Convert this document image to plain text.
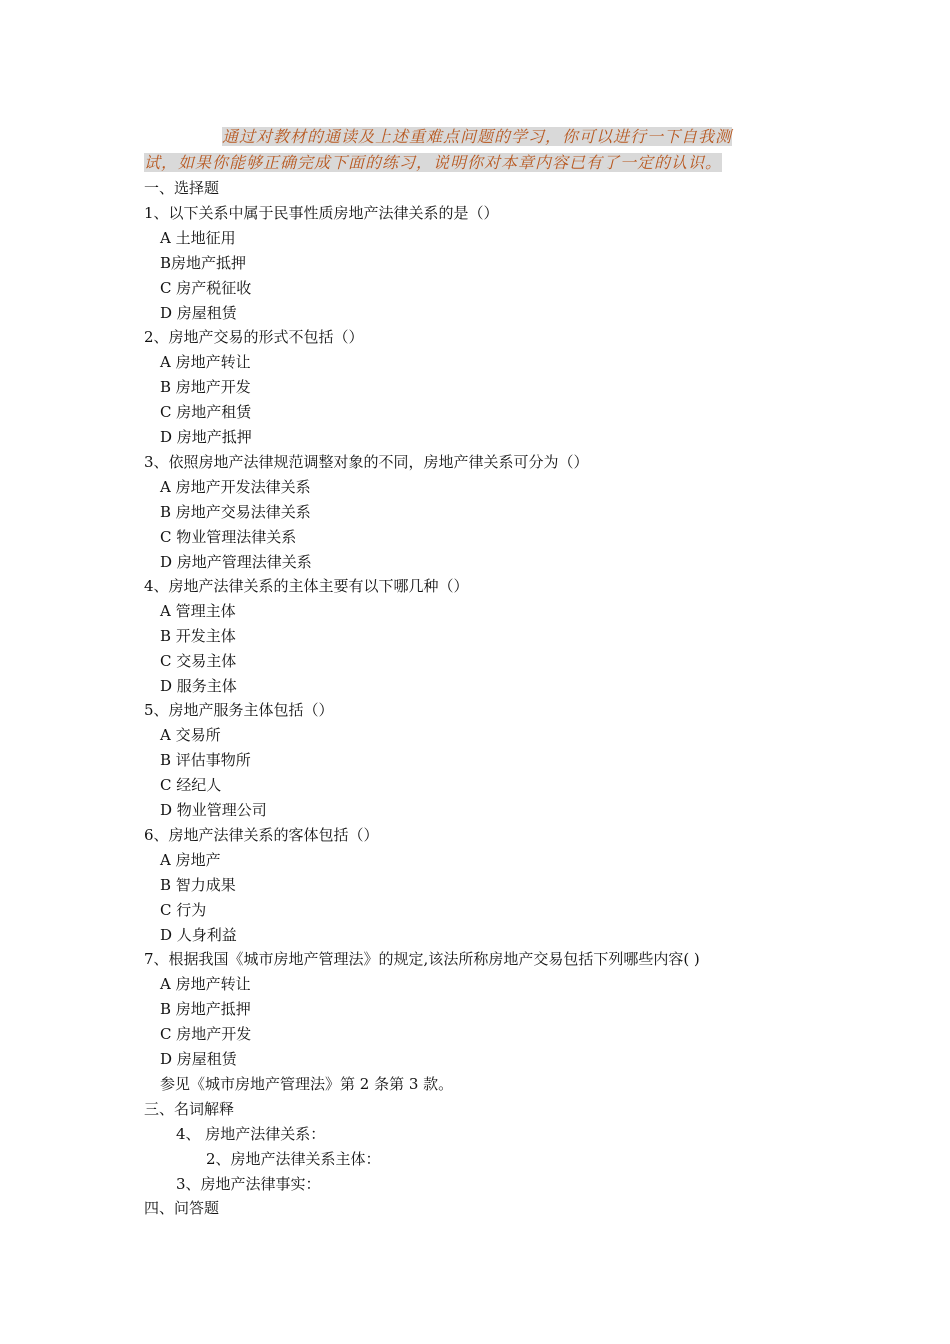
通过对教材的通读及上述重难点问题的学习，你可以进行一下自我测
试，如果你能够正确完成下面的练习，说明你对本章内容已有了一定的认识。
一、选择题
1、以下关系中属于民事性质房地产法律关系的是（）
A 土地征用
B房地产抵押
C 房产税征收
D 房屋租赁
2、房地产交易的形式不包括（）
A 房地产转让
B 房地产开发
C 房地产租赁
D 房地产抵押
3、依照房地产法律规范调整对象的不同，房地产律关系可分为（）
A 房地产开发法律关系
B 房地产交易法律关系
C 物业管理法律关系
D 房地产管理法律关系
4、房地产法律关系的主体主要有以下哪几种（）
A 管理主体
B 开发主体
C 交易主体
D 服务主体
5、房地产服务主体包括（）
A 交易所
B 评估事物所
C 经纪人
D 物业管理公司
6、房地产法律关系的客体包括（）
A 房地产
B 智力成果
C 行为
D 人身利益
7、根据我国《城市房地产管理法》的规定,该法所称房地产交易包括下列哪些内容( )
A 房地产转让
B 房地产抵押
C 房地产开发
D 房屋租赁
参见《城市房地产管理法》第 2 条第 3 款。
三、名词解释
4、 房地产法律关系：
2、房地产法律关系主体：
3、房地产法律事实：
四、问答题
